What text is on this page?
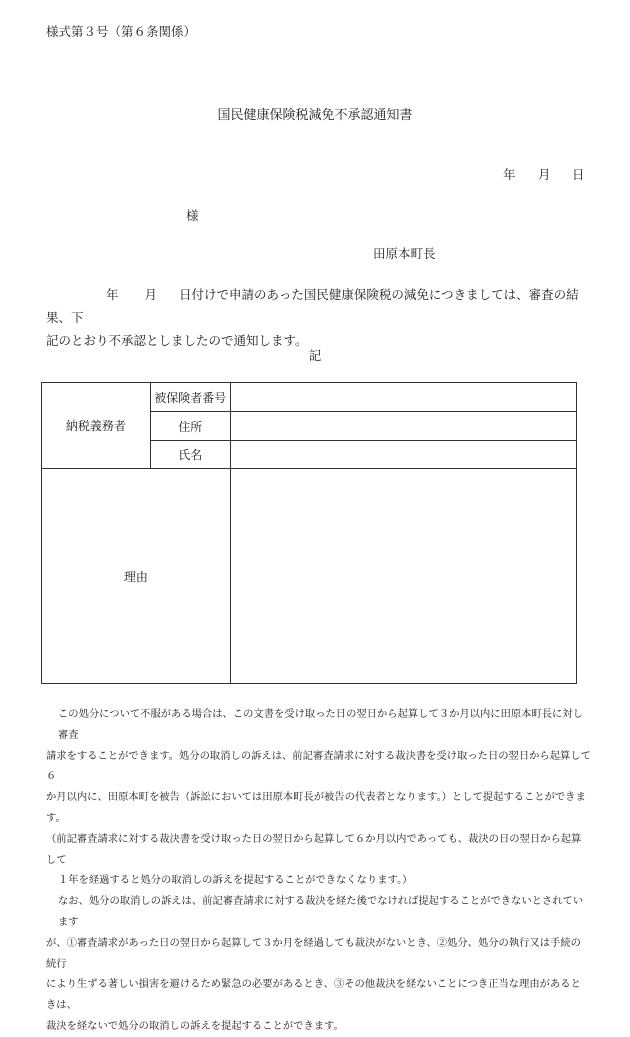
様式第３号（第６条関係）
国民健康保険税減免不承認通知書
年 月 日
様
田原本町長
年 月 日付けで申請のあった国民健康保険税の減免につきましては、審査の結果、下
記のとおり不承認としましたので通知します。
記
納税義務者	被保険者番号	
	住所	
	氏名	
理由		

この処分について不服がある場合は、この文書を受け取った日の翌日から起算して３か月以内に田原本町長に対し審査

請求をすることができます。処分の取消しの訴えは、前記審査請求に対する裁決書を受け取った日の翌日から起算して６

か月以内に、田原本町を被告（訴訟においては田原本町長が被告の代表者となります。）として提起することができます。

（前記審査請求に対する裁決書を受け取った日の翌日から起算して６か月以内であっても、裁決の日の翌日から起算して

１年を経過すると処分の取消しの訴えを提起することができなくなります。）

なお、処分の取消しの訴えは、前記審査請求に対する裁決を経た後でなければ提起することができないとされています

が、①審査請求があった日の翌日から起算して３か月を経過しても裁決がないとき、②処分、処分の執行又は手続の続行

により生ずる著しい損害を避けるため緊急の必要があるとき、③その他裁決を経ないことにつき正当な理由があるときは、

裁決を経ないで処分の取消しの訴えを提起することができます。
